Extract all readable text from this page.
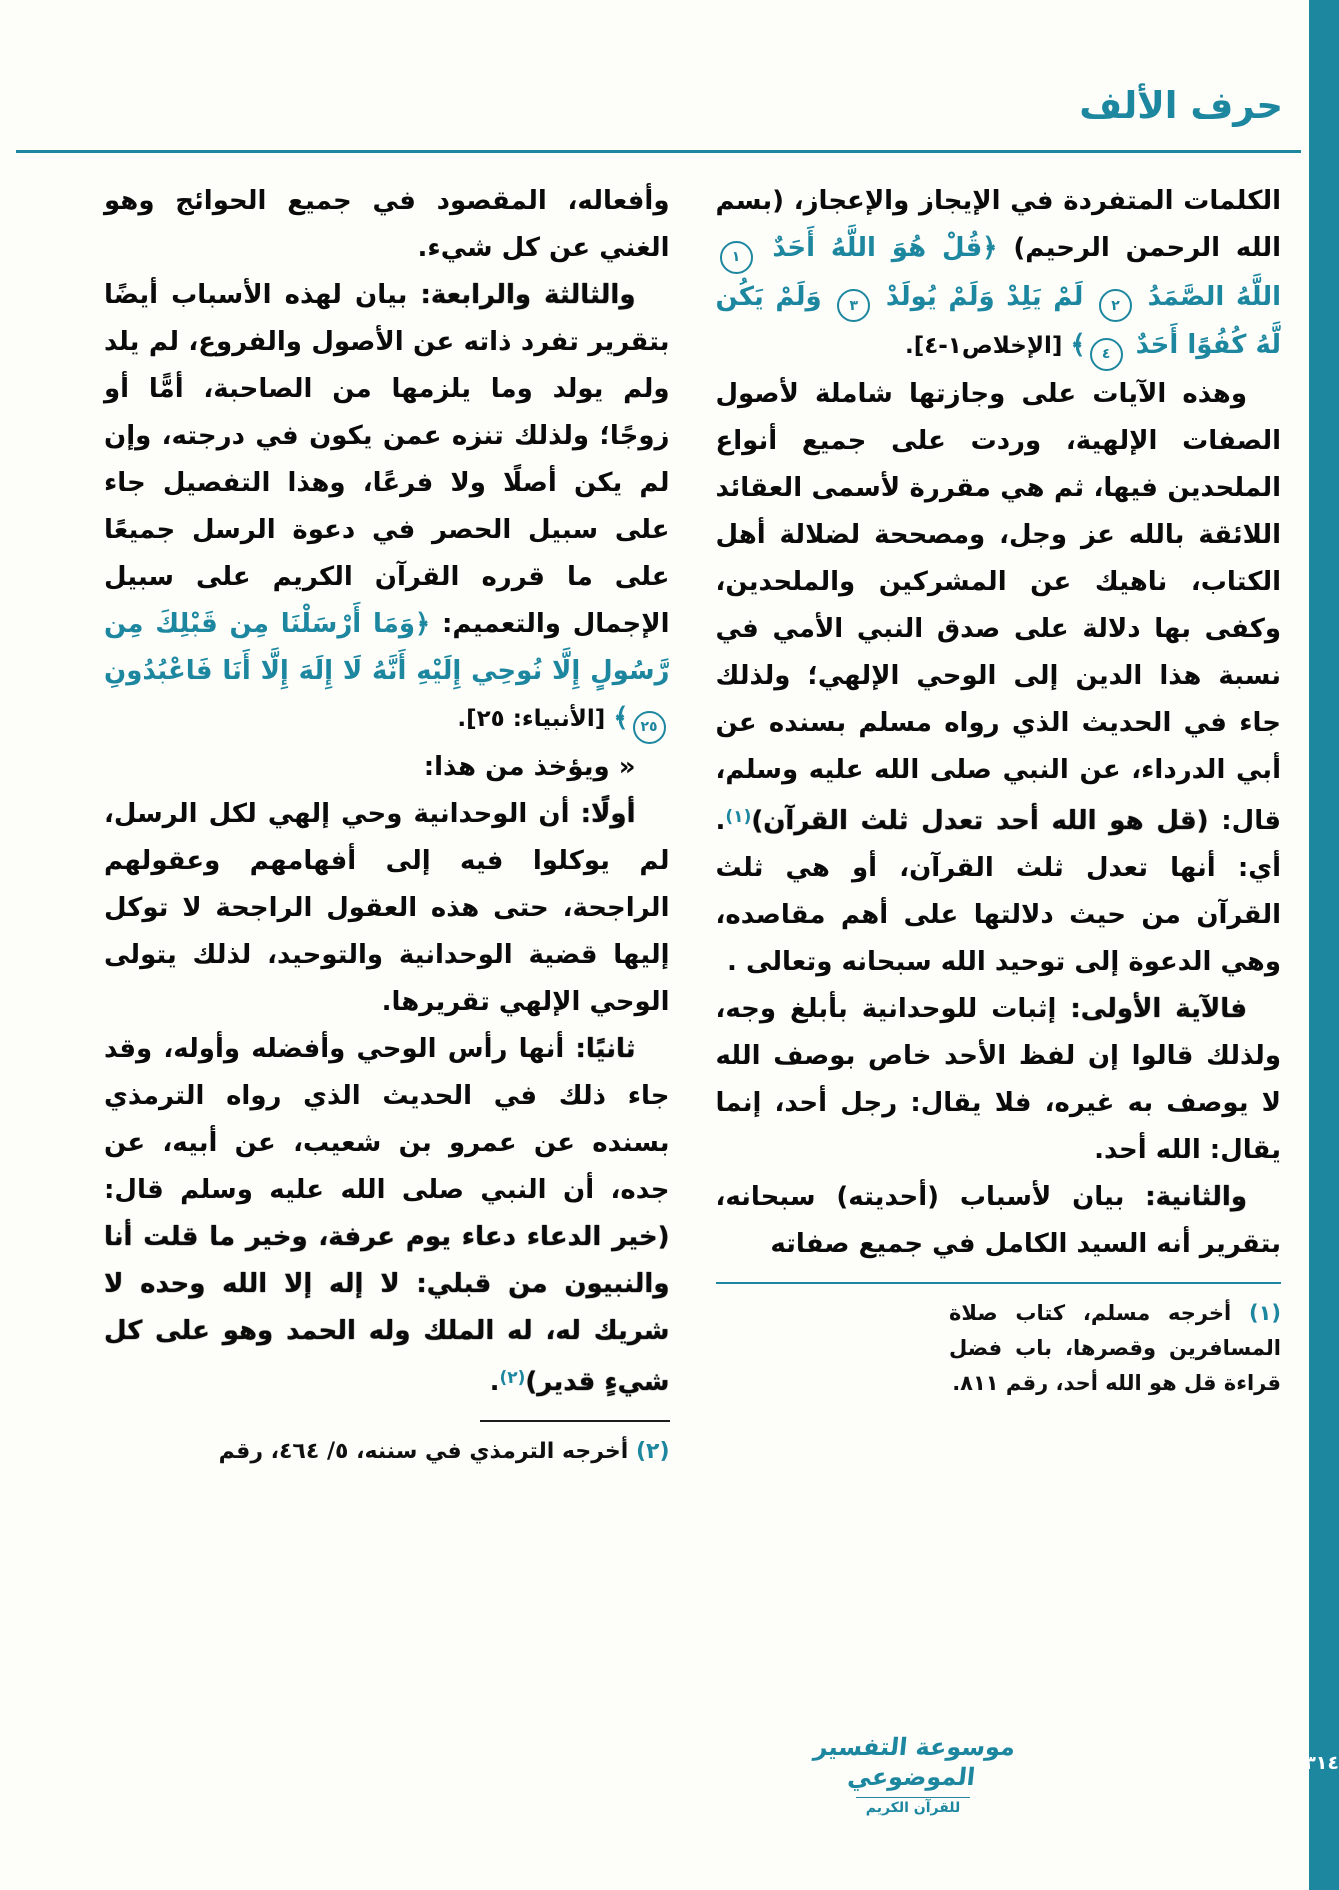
٣١٤
حرف الألف

الكلمات المتفردة في الإيجاز والإعجاز، (بسم الله الرحمن الرحيم) ﴿قُلْ هُوَ اللَّهُ أَحَدٌ ١ اللَّهُ الصَّمَدُ ٢ لَمْ يَلِدْ وَلَمْ يُولَدْ ٣ وَلَمْ يَكُن لَّهُ كُفُوًا أَحَدٌ ٤﴾ [الإخلاص١-٤].

وهذه الآيات على وجازتها شاملة لأصول الصفات الإلهية، وردت على جميع أنواع الملحدين فيها، ثم هي مقررة لأسمى العقائد اللائقة بالله عز وجل، ومصححة لضلالة أهل الكتاب، ناهيك عن المشركين والملحدين، وكفى بها دلالة على صدق النبي الأمي في نسبة هذا الدين إلى الوحي الإلهي؛ ولذلك جاء في الحديث الذي رواه مسلم بسنده عن أبي الدرداء، عن النبي صلى الله عليه وسلم، قال: (قل هو الله أحد تعدل ثلث القرآن)$^{(١)}$. أي: أنها تعدل ثلث القرآن، أو هي ثلث القرآن من حيث دلالتها على أهم مقاصده، وهي الدعوة إلى توحيد الله سبحانه وتعالى .

فالآية الأولى: إثبات للوحدانية بأبلغ وجه، ولذلك قالوا إن لفظ الأحد خاص بوصف الله لا يوصف به غيره، فلا يقال: رجل أحد، إنما يقال: الله أحد.

والثانية: بيان لأسباب (أحديته) سبحانه، بتقرير أنه السيد الكامل في جميع صفاته

(١) أخرجه مسلم، كتاب صلاة المسافرين وقصرها، باب فضل قراءة قل هو الله أحد، رقم ٨١١.

وأفعاله، المقصود في جميع الحوائج وهو الغني عن كل شيء.

والثالثة والرابعة: بيان لهذه الأسباب أيضًا بتقرير تفرد ذاته عن الأصول والفروع، لم يلد ولم يولد وما يلزمها من الصاحبة، أمًّا أو زوجًا؛ ولذلك تنزه عمن يكون في درجته، وإن لم يكن أصلًا ولا فرعًا، وهذا التفصيل جاء على سبيل الحصر في دعوة الرسل جميعًا على ما قرره القرآن الكريم على سبيل الإجمال والتعميم: ﴿وَمَا أَرْسَلْنَا مِن قَبْلِكَ مِن رَّسُولٍ إِلَّا نُوحِي إِلَيْهِ أَنَّهُ لَا إِلَهَ إِلَّا أَنَا فَاعْبُدُونِ ٢٥﴾ [الأنبياء: ٢٥].

« ويؤخذ من هذا:

أولًا: أن الوحدانية وحي إلهي لكل الرسل، لم يوكلوا فيه إلى أفهامهم وعقولهم الراجحة، حتى هذه العقول الراجحة لا توكل إليها قضية الوحدانية والتوحيد، لذلك يتولى الوحي الإلهي تقريرها.

ثانيًا: أنها رأس الوحي وأفضله وأوله، وقد جاء ذلك في الحديث الذي رواه الترمذي بسنده عن عمرو بن شعيب، عن أبيه، عن جده، أن النبي صلى الله عليه وسلم قال: (خير الدعاء دعاء يوم عرفة، وخير ما قلت أنا والنبيون من قبلي: لا إله إلا الله وحده لا شريك له، له الملك وله الحمد وهو على كل شيءٍ قدير)$^{(٢)}$.

(٢) أخرجه الترمذي في سننه، ٥/ ٤٦٤، رقم
موسوعة التفسير الموضوعي
للقرآن الكريم
